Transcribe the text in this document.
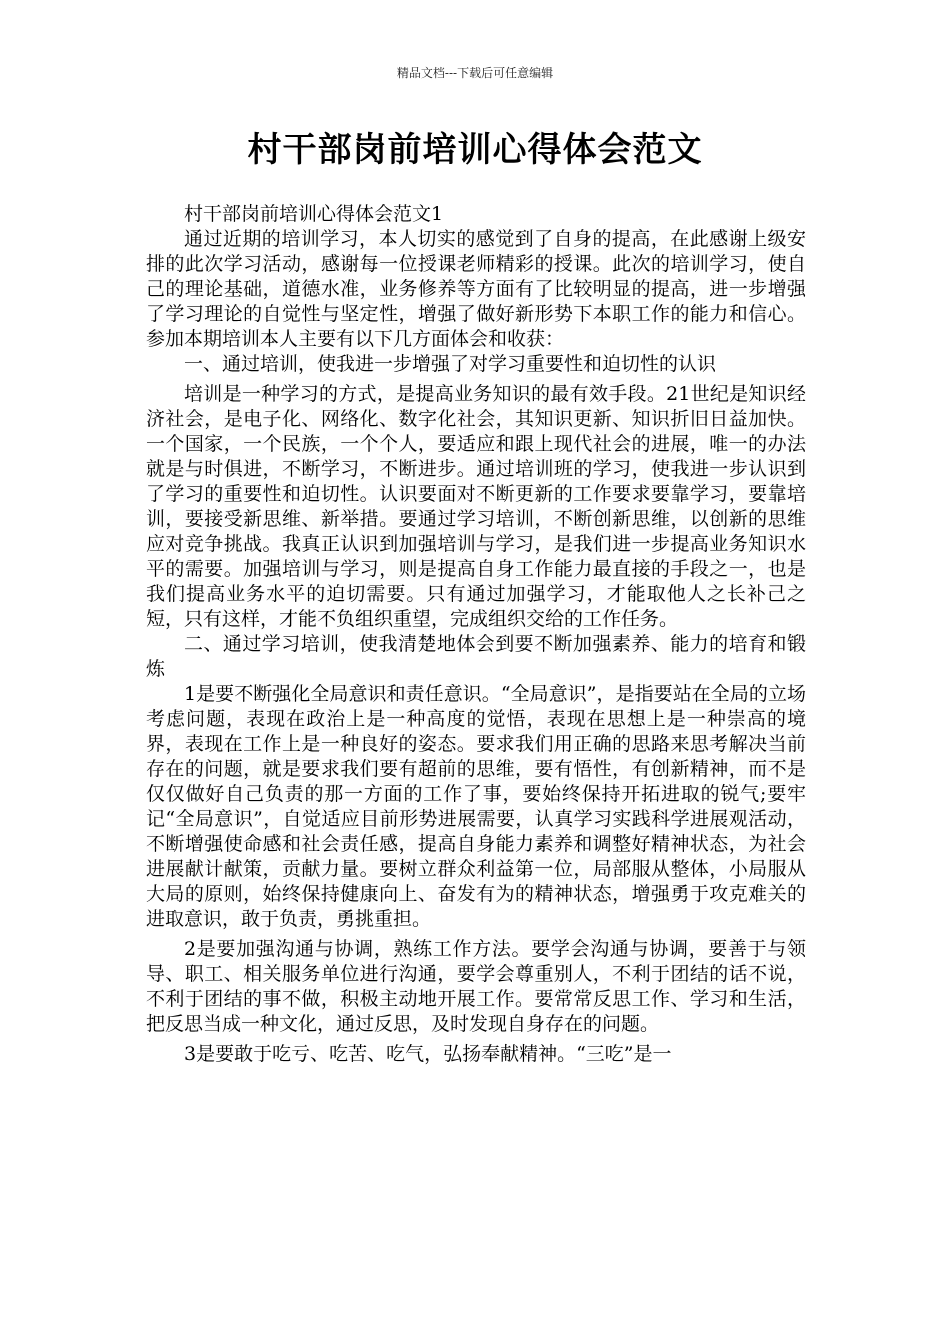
精品文档---下载后可任意编辑
村干部岗前培训心得体会范文

村干部岗前培训心得体会范文1

通过近期的培训学习，本人切实的感觉到了自身的提高，在此感谢上级安排的此次学习活动，感谢每一位授课老师精彩的授课。此次的培训学习，使自己的理论基础，道德水准，业务修养等方面有了比较明显的提高，进一步增强了学习理论的自觉性与坚定性，增强了做好新形势下本职工作的能力和信心。参加本期培训本人主要有以下几方面体会和收获：

一、通过培训，使我进一步增强了对学习重要性和迫切性的认识

培训是一种学习的方式，是提高业务知识的最有效手段。21世纪是知识经济社会，是电子化、网络化、数字化社会，其知识更新、知识折旧日益加快。一个国家，一个民族，一个个人，要适应和跟上现代社会的进展，唯一的办法就是与时俱进，不断学习，不断进步。通过培训班的学习，使我进一步认识到了学习的重要性和迫切性。认识要面对不断更新的工作要求要靠学习，要靠培训，要接受新思维、新举措。要通过学习培训，不断创新思维，以创新的思维应对竞争挑战。我真正认识到加强培训与学习，是我们进一步提高业务知识水平的需要。加强培训与学习，则是提高自身工作能力最直接的手段之一，也是我们提高业务水平的迫切需要。只有通过加强学习，才能取他人之长补己之短，只有这样，才能不负组织重望，完成组织交给的工作任务。

二、通过学习培训，使我清楚地体会到要不断加强素养、能力的培育和锻炼

1是要不断强化全局意识和责任意识。“全局意识”，是指要站在全局的立场考虑问题，表现在政治上是一种高度的觉悟，表现在思想上是一种崇高的境界，表现在工作上是一种良好的姿态。要求我们用正确的思路来思考解决当前存在的问题，就是要求我们要有超前的思维，要有悟性，有创新精神，而不是仅仅做好自己负责的那一方面的工作了事，要始终保持开拓进取的锐气;要牢记“全局意识”，自觉适应目前形势进展需要，认真学习实践科学进展观活动，不断增强使命感和社会责任感，提高自身能力素养和调整好精神状态，为社会进展献计献策，贡献力量。要树立群众利益第一位，局部服从整体，小局服从大局的原则，始终保持健康向上、奋发有为的精神状态，增强勇于攻克难关的进取意识，敢于负责，勇挑重担。

2是要加强沟通与协调，熟练工作方法。要学会沟通与协调，要善于与领导、职工、相关服务单位进行沟通，要学会尊重别人，不利于团结的话不说，不利于团结的事不做，积极主动地开展工作。要常常反思工作、学习和生活，把反思当成一种文化，通过反思，及时发现自身存在的问题。

3是要敢于吃亏、吃苦、吃气，弘扬奉献精神。“三吃”是一
